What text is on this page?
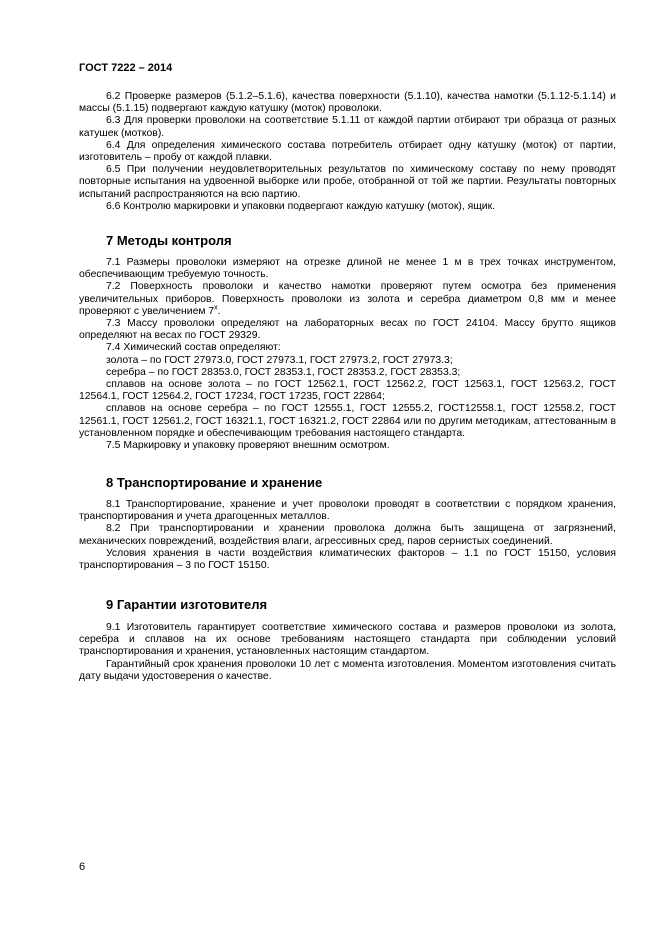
ГОСТ 7222 – 2014

6.2 Проверке размеров (5.1.2–5.1.6), качества поверхности (5.1.10), качества намотки (5.1.12-5.1.14) и массы (5.1.15) подвергают каждую катушку (моток) проволоки.

6.3 Для проверки проволоки на соответствие 5.1.11 от каждой партии отбирают три образца от разных катушек (мотков).

6.4 Для определения химического состава потребитель отбирает одну катушку (моток) от партии, изготовитель – пробу от каждой плавки.

6.5 При получении неудовлетворительных результатов по химическому составу по нему проводят повторные испытания на удвоенной выборке или пробе, отобранной от той же партии. Результаты повторных испытаний распространяются на всю партию.

6.6 Контролю маркировки и упаковки подвергают каждую катушку (моток), ящик.

7 Методы контроля

7.1 Размеры проволоки измеряют на отрезке длиной не менее 1 м в трех точках инструментом, обеспечивающим требуемую точность.

7.2 Поверхность проволоки и качество намотки проверяют путем осмотра без применения увеличительных приборов. Поверхность проволоки из золота и серебра диаметром 0,8 мм и менее проверяют с увеличением $7^х$.

7.3 Массу проволоки определяют на лабораторных весах по ГОСТ 24104. Массу брутто ящиков определяют на весах по ГОСТ 29329.

7.4 Химический состав определяют:

золота – по ГОСТ 27973.0, ГОСТ 27973.1, ГОСТ 27973.2, ГОСТ 27973.3;

серебра – по ГОСТ 28353.0, ГОСТ 28353.1, ГОСТ 28353.2, ГОСТ 28353.3;

сплавов на основе золота – по ГОСТ 12562.1, ГОСТ 12562.2, ГОСТ 12563.1, ГОСТ 12563.2, ГОСТ 12564.1, ГОСТ 12564.2, ГОСТ 17234, ГОСТ 17235, ГОСТ 22864;

сплавов на основе серебра – по ГОСТ 12555.1, ГОСТ 12555.2, ГОСТ12558.1, ГОСТ 12558.2, ГОСТ 12561.1, ГОСТ 12561.2, ГОСТ 16321.1, ГОСТ 16321.2, ГОСТ 22864 или по другим методикам, аттестованным в установленном порядке и обеспечивающим требования настоящего стандарта.

7.5 Маркировку и упаковку проверяют внешним осмотром.

8 Транспортирование и хранение

8.1 Транспортирование, хранение и учет проволоки проводят в соответствии с порядком хранения, транспортирования и учета драгоценных металлов.

8.2 При транспортировании и хранении проволока должна быть защищена от загрязнений, механических повреждений, воздействия влаги, агрессивных сред, паров сернистых соединений.

Условия хранения в части воздействия климатических факторов – 1.1 по ГОСТ 15150, условия транспортирования – 3 по ГОСТ 15150.

9 Гарантии изготовителя

9.1 Изготовитель гарантирует соответствие химического состава и размеров проволоки из золота, серебра и сплавов на их основе требованиям настоящего стандарта при соблюдении условий транспортирования и хранения, установленных настоящим стандартом.

Гарантийный срок хранения проволоки 10 лет с момента изготовления. Моментом изготовления считать дату выдачи удостоверения о качестве.

6
